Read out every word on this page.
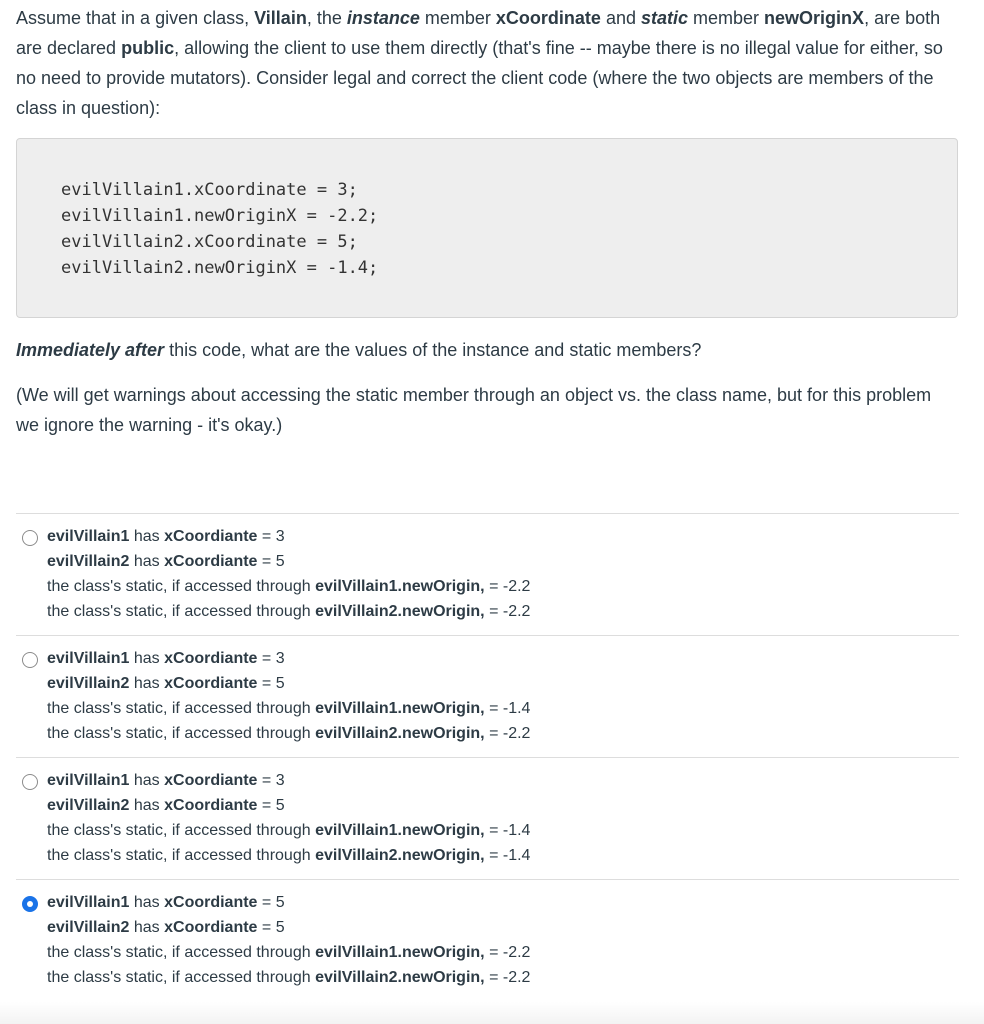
Assume that in a given class, Villain, the instance member xCoordinate and static member newOriginX, are both are declared public, allowing the client to use them directly (that's fine -- maybe there is no illegal value for either, so no need to provide mutators). Consider legal and correct the client code (where the two objects are members of the class in question):

evilVillain1.xCoordinate = 3;
evilVillain1.newOriginX = -2.2;
evilVillain2.xCoordinate = 5;
evilVillain2.newOriginX = -1.4;

Immediately after this code, what are the values of the instance and static members?

(We will get warnings about accessing the static member through an object vs. the class name, but for this problem we ignore the warning - it's okay.)

evilVillain1 has xCoordiante = 3
evilVillain2 has xCoordiante = 5
the class's static, if accessed through evilVillain1.newOrigin, = -2.2
the class's static, if accessed through evilVillain2.newOrigin, = -2.2
evilVillain1 has xCoordiante = 3
evilVillain2 has xCoordiante = 5
the class's static, if accessed through evilVillain1.newOrigin, = -1.4
the class's static, if accessed through evilVillain2.newOrigin, = -2.2
evilVillain1 has xCoordiante = 3
evilVillain2 has xCoordiante = 5
the class's static, if accessed through evilVillain1.newOrigin, = -1.4
the class's static, if accessed through evilVillain2.newOrigin, = -1.4
evilVillain1 has xCoordiante = 5
evilVillain2 has xCoordiante = 5
the class's static, if accessed through evilVillain1.newOrigin, = -2.2
the class's static, if accessed through evilVillain2.newOrigin, = -2.2
